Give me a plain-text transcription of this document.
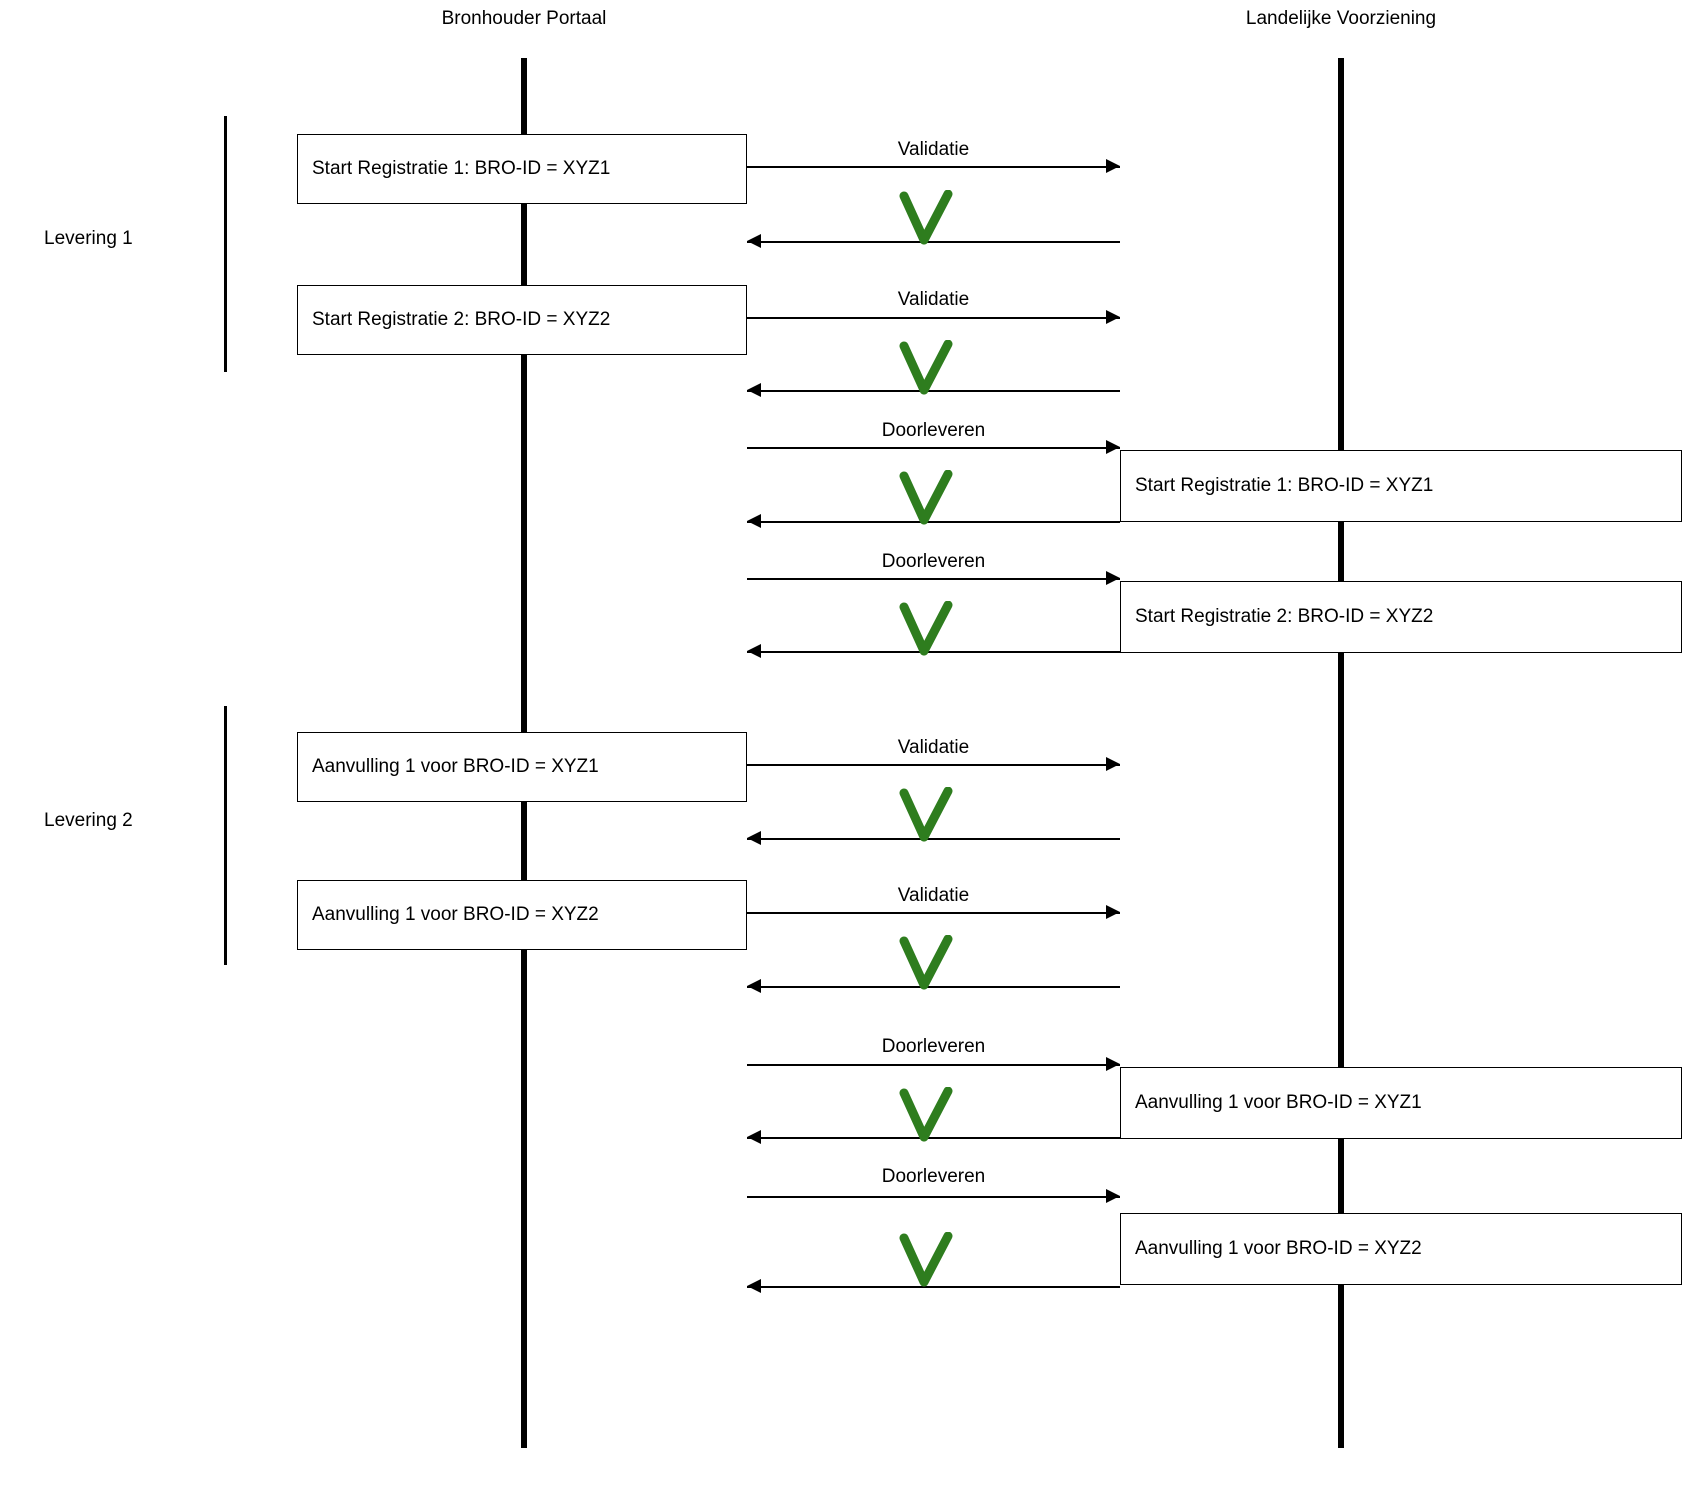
Bronhouder Portaal	Landelijke Voorziening
Levering 1
Levering 2
Start Registratie 1: BRO-ID = XYZ1
Validatie
Start Registratie 2: BRO-ID = XYZ2
Validatie
Start Registratie 1: BRO-ID = XYZ1
Doorleveren
Start Registratie 2: BRO-ID = XYZ2
Doorleveren
Aanvulling 1 voor BRO-ID = XYZ1
Validatie
Aanvulling 1 voor BRO-ID = XYZ2
Validatie
Aanvulling 1 voor BRO-ID = XYZ1
Doorleveren
Aanvulling 1 voor BRO-ID = XYZ2
Doorleveren
